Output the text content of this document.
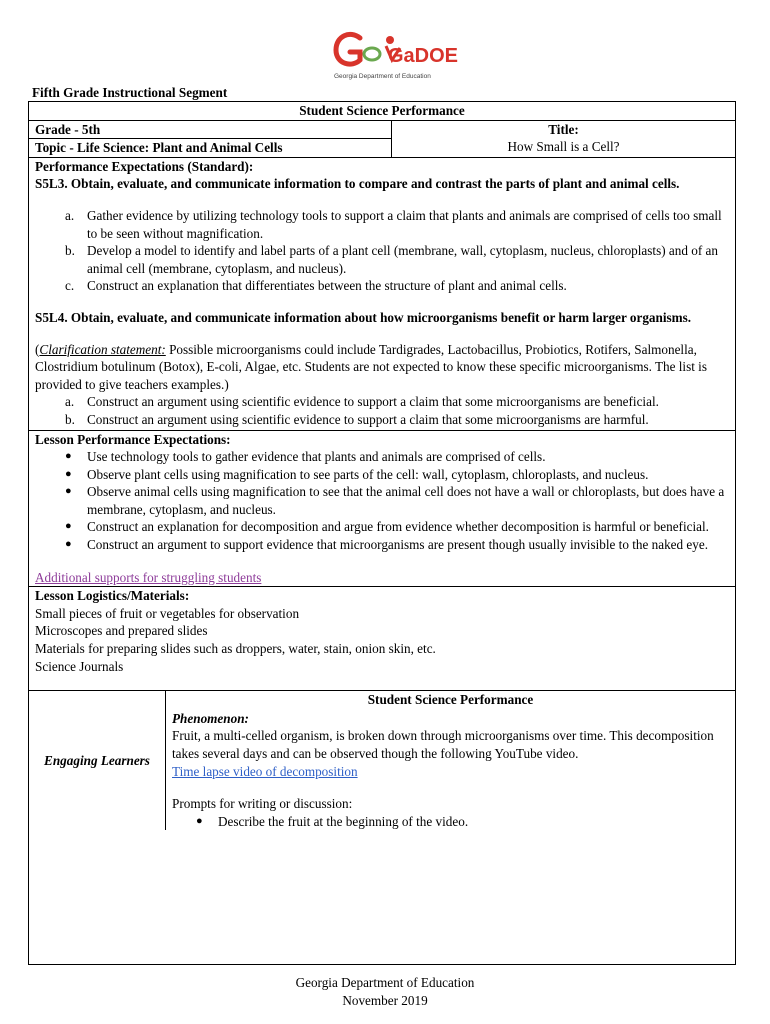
GaDOE
Georgia Department of Education
Fifth Grade Instructional Segment
Student Science Performance
Grade - 5th
Topic - Life Science: Plant and Animal Cells
Title:
How Small is a Cell?
Performance Expectations (Standard):
S5L3. Obtain, evaluate, and communicate information to compare and contrast the parts of plant and animal cells.
a. Gather evidence by utilizing technology tools to support a claim that plants and animals are comprised of cells too small to be seen without magnification.
b. Develop a model to identify and label parts of a plant cell (membrane, wall, cytoplasm, nucleus, chloroplasts) and of an animal cell (membrane, cytoplasm, and nucleus).
c. Construct an explanation that differentiates between the structure of plant and animal cells.
S5L4. Obtain, evaluate, and communicate information about how microorganisms benefit or harm larger organisms.
(Clarification statement: Possible microorganisms could include Tardigrades, Lactobacillus, Probiotics, Rotifers, Salmonella, Clostridium botulinum (Botox), E-coli, Algae, etc. Students are not expected to know these specific microorganisms. The list is provided to give teachers examples.)
a. Construct an argument using scientific evidence to support a claim that some microorganisms are beneficial.
b. Construct an argument using scientific evidence to support a claim that some microorganisms are harmful.
Lesson Performance Expectations:
● Use technology tools to gather evidence that plants and animals are comprised of cells.
● Observe plant cells using magnification to see parts of the cell: wall, cytoplasm, chloroplasts, and nucleus.
● Observe animal cells using magnification to see that the animal cell does not have a wall or chloroplasts, but does have a membrane, cytoplasm, and nucleus.
● Construct an explanation for decomposition and argue from evidence whether decomposition is harmful or beneficial.
● Construct an argument to support evidence that microorganisms are present though usually invisible to the naked eye.
Additional supports for struggling students
Lesson Logistics/Materials:
Small pieces of fruit or vegetables for observation
Microscopes and prepared slides
Materials for preparing slides such as droppers, water, stain, onion skin, etc.
Science Journals
Engaging Learners
Student Science Performance
Phenomenon:
Fruit, a multi-celled organism, is broken down through microorganisms over time. This decomposition takes several days and can be observed though the following YouTube video.
Time lapse video of decomposition
Prompts for writing or discussion:
● Describe the fruit at the beginning of the video.
Georgia Department of Education
November 2019
